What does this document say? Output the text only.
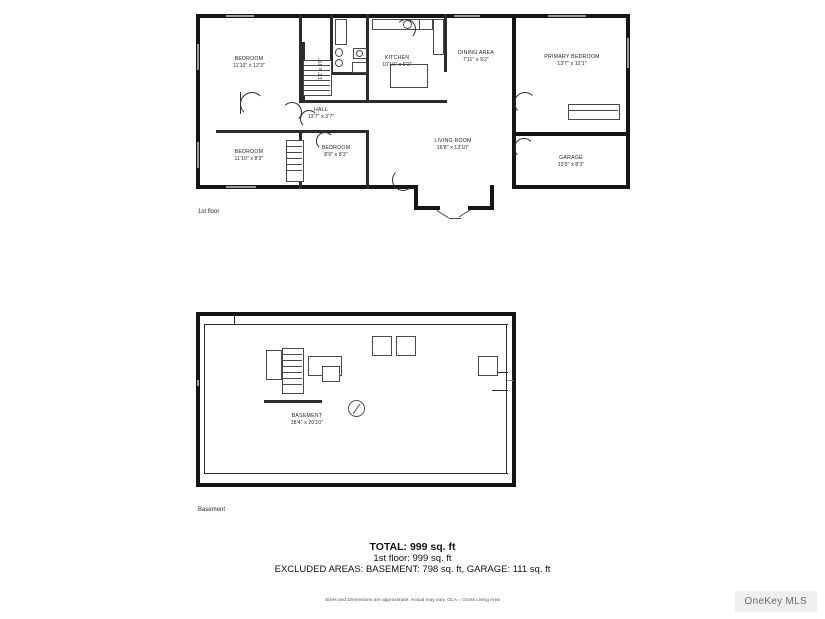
BEDROOM
11'10" x 12'3"
KITCHEN
10'10" x 9'2"
DINING AREA
7'11" x 9'2"	PRIMARY BEDROOM
13'7" x 12'1"
HALL
13'7" x 3'7"
BEDROOM
11'10" x 8'3"
BEDROOM
8'9" x 8'3"
LIVING ROOM
16'8" x 13'10"
GARAGE
13'5" x 8'3"
1'6" x 1'6"
1st floor
BASEMENT
38'4" x 20'10"
Basement
TOTAL: 999 sq. ft
1st floor: 999 sq. ft
EXCLUDED AREAS: BASEMENT: 798 sq. ft, GARAGE: 111 sq. ft
Sizes and Dimensions are approximate. Actual may vary. GLA = Gross Living Area	OneKey MLS
